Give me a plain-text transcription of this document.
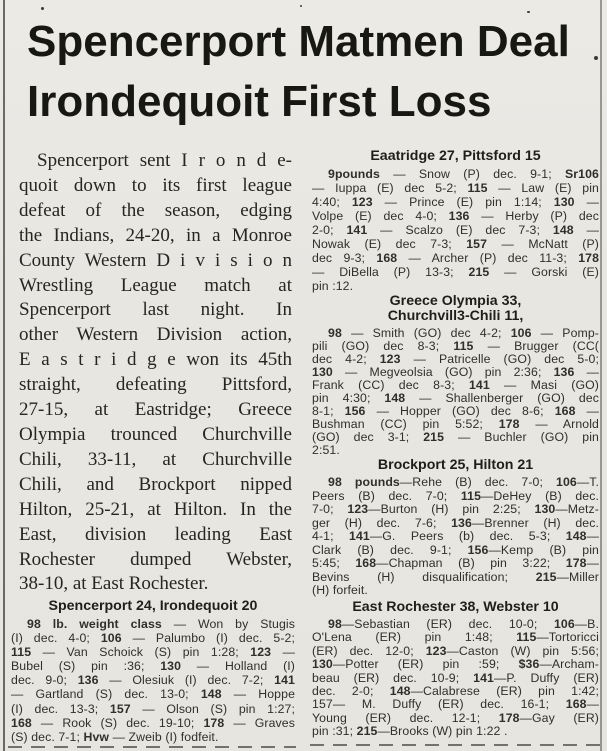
Spencerport Matmen Deal
Irondequoit First Loss
Spencerport sent I r o n d e-
quoit down to its first league
defeat of the season, edging
the Indians, 24-20, in a Monroe
County Western D i v i s i o n
Wrestling League match at
Spencerport last night. In
other Western Division action,
E a s t r i d g e won its 45th
straight, defeating Pittsford,
27-15, at Eastridge; Greece
Olympia trounced Churchville
Chili, 33-11, at Churchville
Chili, and Brockport nipped
Hilton, 25-21, at Hilton. In the
East, division leading East
Rochester dumped Webster,
38-10, at East Rochester.
Spencerport 24, Irondequoit 20
98 lb. weight class — Won by Stugis
(I) dec. 4-0; 106 — Palumbo (I) dec. 5-2;
115 — Van Schoick (S) pin 1:28; 123 —
Bubel (S) pin :36; 130 — Holland (I)
dec. 9-0; 136 — Olesiuk (I) dec. 7-2; 141
— Gartland (S) dec. 13-0; 148 — Hoppe
(I) dec. 13-3; 157 — Olson (S) pin 1:27;
168 — Rook (S) dec. 19-10; 178 — Graves
(S) dec. 7-1; Hvw — Zweib (I) fodfeit.
Eaatridge 27, Pittsford 15
9pounds — Snow (P) dec. 9-1; Sr106
— Iuppa (E) dec 5-2; 115 — Law (E) pin
4:40; 123 — Prince (E) pin 1:14; 130 —
Volpe (E) dec 4-0; 136 — Herby (P) dec
2-0; 141 — Scalzo (E) dec 7-3; 148 —
Nowak (E) dec 7-3; 157 — McNatt (P)
dec 9-3; 168 — Archer (P) dec 11-3; 178
— DiBella (P) 13-3; 215 — Gorski (E)
pin :12.
Greece Olympia 33,
Churchvill3-Chili 11,
98 — Smith (GO) dec 4-2; 106 — Pomp-
pili (GO) dec 8-3; 115 — Brugger (CC(
dec 4-2; 123 — Patricelle (GO) dec 5-0;
130 — Megveolsia (GO) pin 2:36; 136 —
Frank (CC) dec 8-3; 141 — Masi (GO)
pin 4:30; 148 — Shallenberger (GO) dec
8-1; 156 — Hopper (GO) dec 8-6; 168 —
Bushman (CC) pin 5:52; 178 — Arnold
(GO) dec 3-1; 215 — Buchler (GO) pin
2:51.
Brockport 25, Hilton 21
98 pounds—Rehe (B) dec. 7-0; 106—T.
Peers (B) dec. 7-0; 115—DeHey (B) dec.
7-0; 123—Burton (H) pin 2:25; 130—Metz-
ger (H) dec. 7-6; 136—Brenner (H) dec.
4-1; 141—G. Peers (b) dec. 5-3; 148—
Clark (B) dec. 9-1; 156—Kemp (B) pin
5:45; 168—Chapman (B) pin 3:22; 178—
Bevins (H) disqualification; 215—Miller
(H) forfeit.
East Rochester 38, Webster 10
98—Sebastian (ER) dec. 10-0; 106—B.
O'Lena (ER) pin 1:48; 115—Tortoricci
(ER) dec. 12-0; 123—Caston (W) pin 5:56;
130—Potter (ER) pin :59; $36—Archam-
beau (ER) dec. 10-9; 141—P. Duffy (ER)
dec. 2-0; 148—Calabrese (ER) pin 1:42;
157— M. Duffy (ER) dec. 16-1; 168—
Young (ER) dec. 12-1; 178—Gay (ER)
pin :31; 215—Brooks (W) pin 1:22 .
